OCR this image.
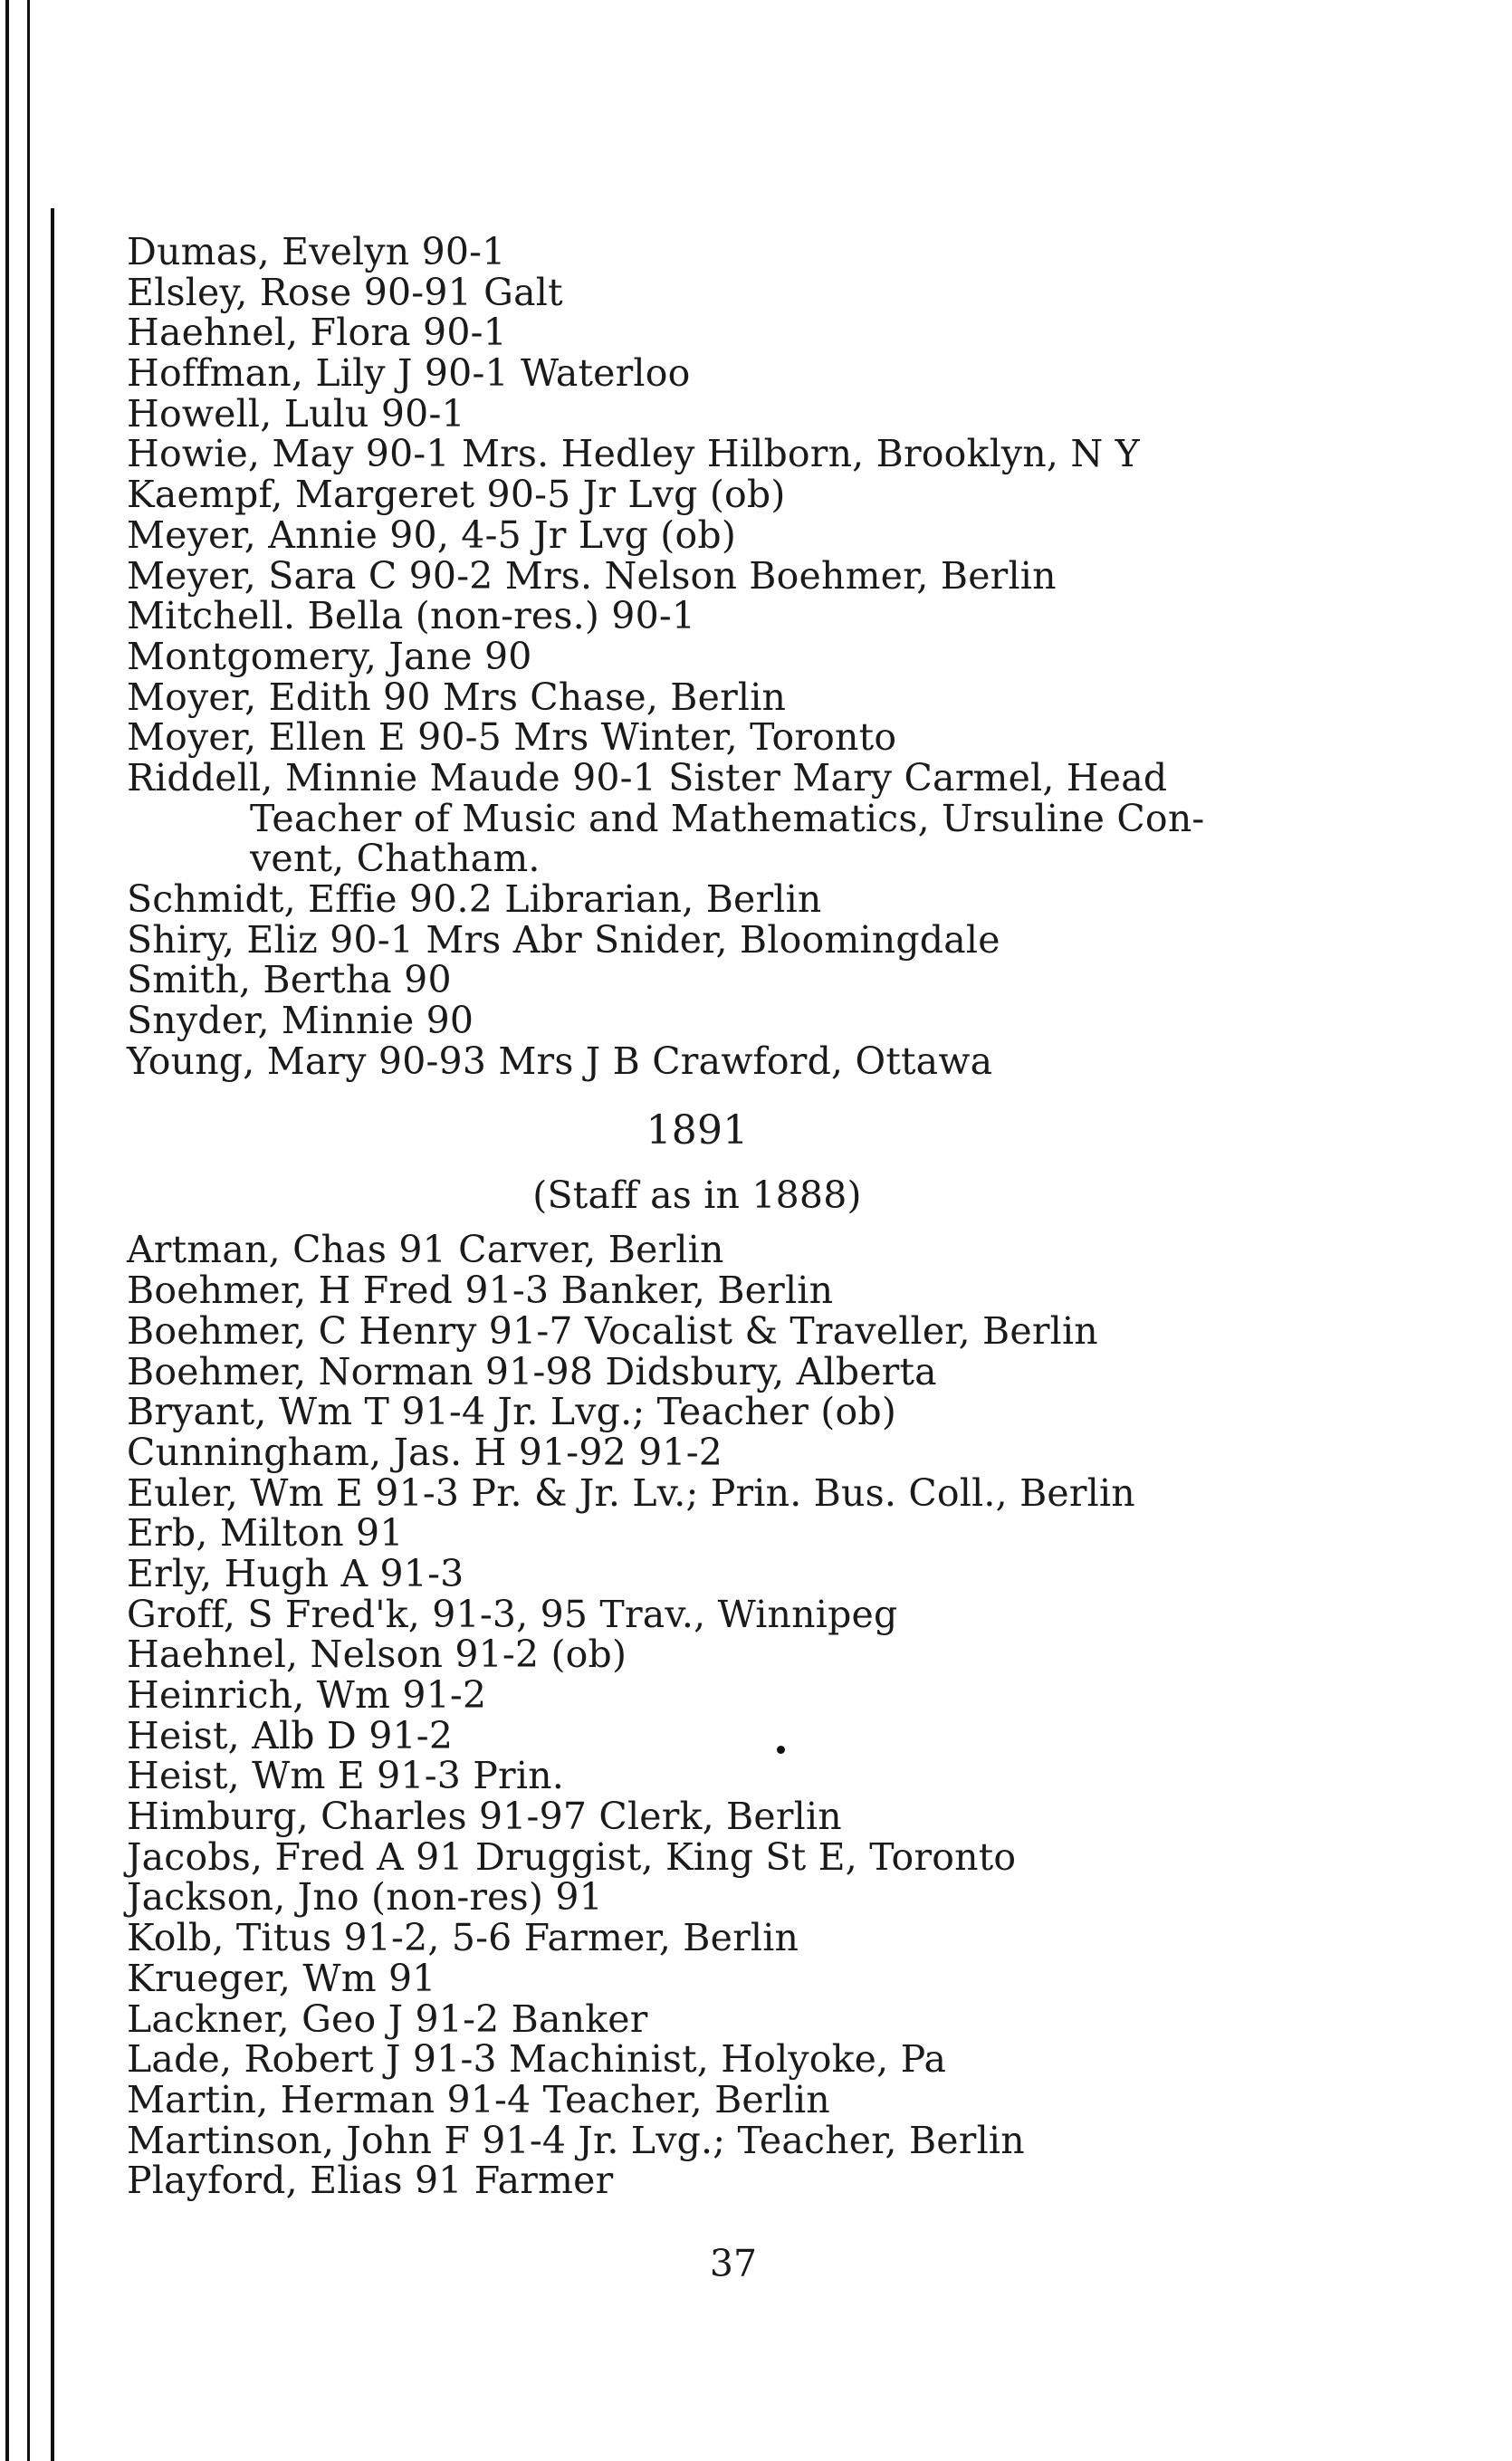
Dumas, Evelyn 90-1
Elsley, Rose 90-91 Galt
Haehnel, Flora 90-1
Hoffman, Lily J 90-1 Waterloo
Howell, Lulu 90-1
Howie, May 90-1 Mrs. Hedley Hilborn, Brooklyn, N Y
Kaempf, Margeret 90-5 Jr Lvg (ob)
Meyer, Annie 90, 4-5 Jr Lvg (ob)
Meyer, Sara C 90-2 Mrs. Nelson Boehmer, Berlin
Mitchell. Bella (non-res.) 90-1
Montgomery, Jane 90
Moyer, Edith 90 Mrs Chase, Berlin
Moyer, Ellen E 90-5 Mrs Winter, Toronto
Riddell, Minnie Maude 90-1 Sister Mary Carmel, Head
Teacher of Music and Mathematics, Ursuline Con-
vent, Chatham.
Schmidt, Effie 90.2 Librarian, Berlin
Shiry, Eliz 90-1 Mrs Abr Snider, Bloomingdale
Smith, Bertha 90
Snyder, Minnie 90
Young, Mary 90-93 Mrs J B Crawford, Ottawa
1891
(Staff as in 1888)
Artman, Chas 91 Carver, Berlin
Boehmer, H Fred 91-3 Banker, Berlin
Boehmer, C Henry 91-7 Vocalist & Traveller, Berlin
Boehmer, Norman 91-98 Didsbury, Alberta
Bryant, Wm T 91-4 Jr. Lvg.; Teacher (ob)
Cunningham, Jas. H 91-92 91-2
Euler, Wm E 91-3 Pr. & Jr. Lv.; Prin. Bus. Coll., Berlin
Erb, Milton 91
Erly, Hugh A 91-3
Groff, S Fred'k, 91-3, 95 Trav., Winnipeg
Haehnel, Nelson 91-2 (ob)
Heinrich, Wm 91-2
Heist, Alb D 91-2
Heist, Wm E 91-3 Prin.
Himburg, Charles 91-97 Clerk, Berlin
Jacobs, Fred A 91 Druggist, King St E, Toronto
Jackson, Jno (non-res) 91
Kolb, Titus 91-2, 5-6 Farmer, Berlin
Krueger, Wm 91
Lackner, Geo J 91-2 Banker
Lade, Robert J 91-3 Machinist, Holyoke, Pa
Martin, Herman 91-4 Teacher, Berlin
Martinson, John F 91-4 Jr. Lvg.; Teacher, Berlin
Playford, Elias 91 Farmer
37
